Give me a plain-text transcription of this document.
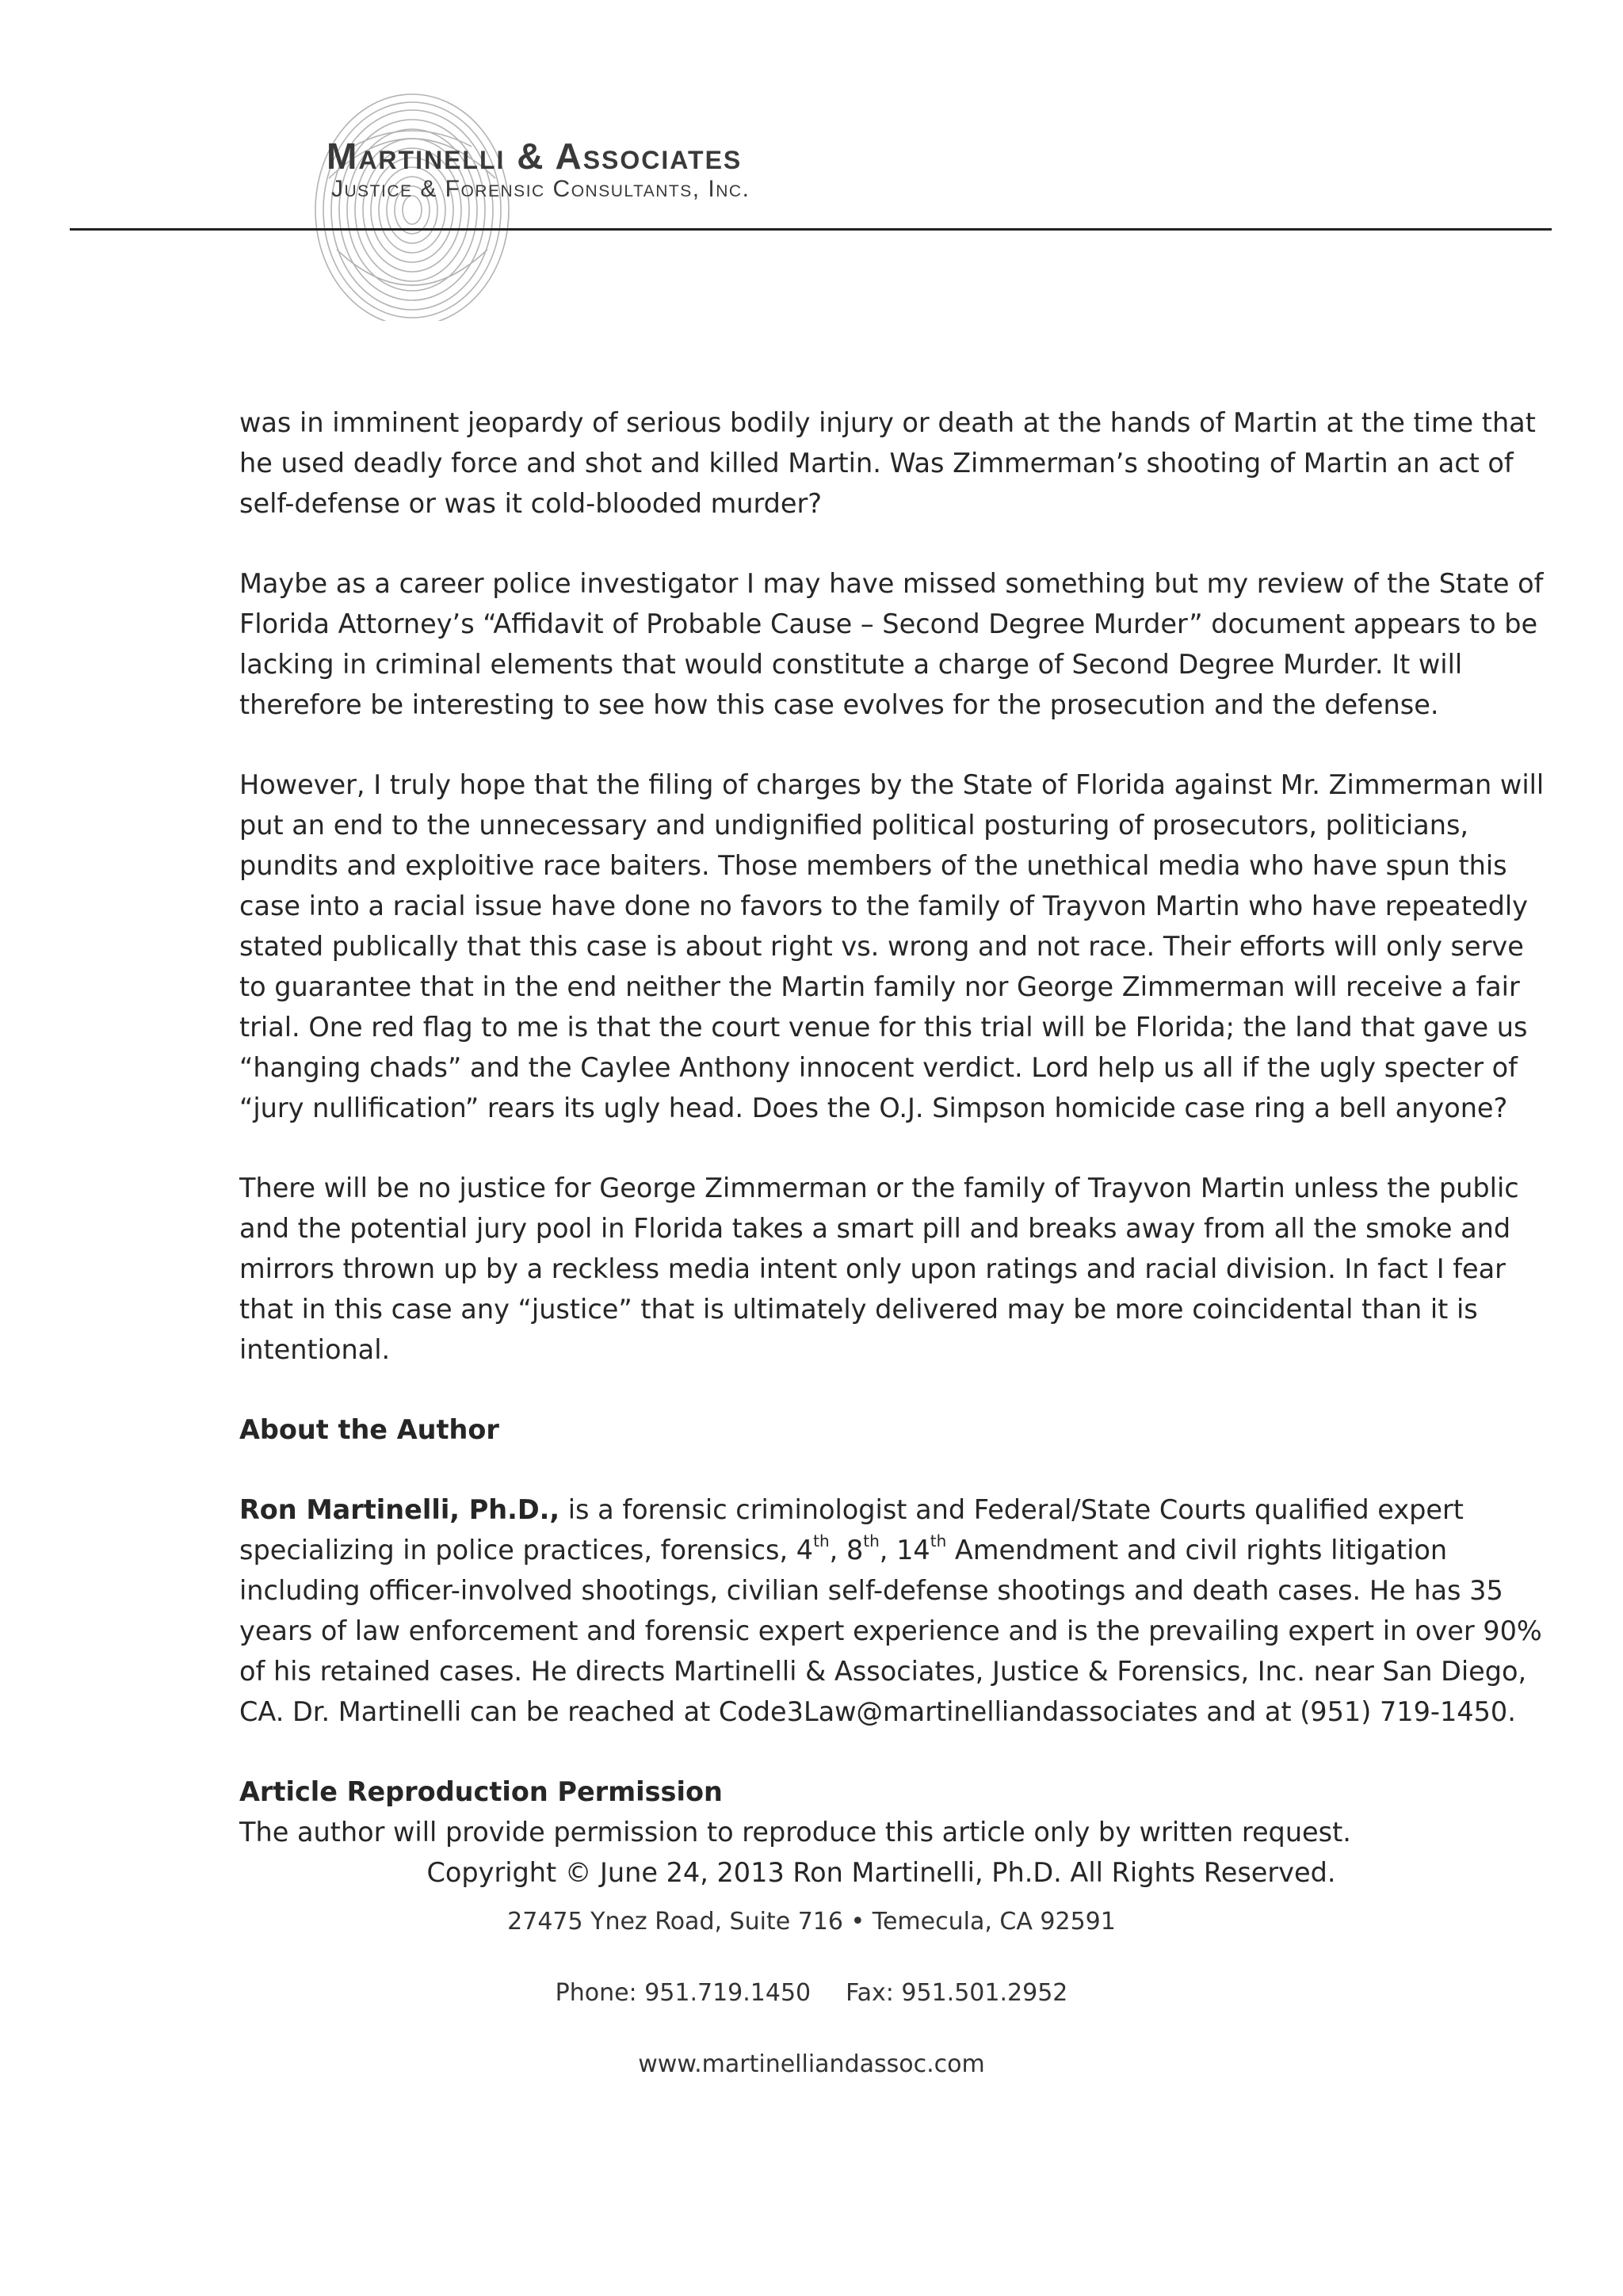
Martinelli & Associates
Justice & Forensic Consultants, Inc.

was in imminent jeopardy of serious bodily injury or death at the hands of Martin at the time that he used deadly force and shot and killed Martin. Was Zimmerman’s shooting of Martin an act of self-defense or was it cold-blooded murder?

Maybe as a career police investigator I may have missed something but my review of the State of Florida Attorney’s “Affidavit of Probable Cause – Second Degree Murder” document appears to be lacking in criminal elements that would constitute a charge of Second Degree Murder. It will therefore be interesting to see how this case evolves for the prosecution and the defense.

However, I truly hope that the filing of charges by the State of Florida against Mr. Zimmerman will put an end to the unnecessary and undignified political posturing of prosecutors, politicians, pundits and exploitive race baiters. Those members of the unethical media who have spun this case into a racial issue have done no favors to the family of Trayvon Martin who have repeatedly stated publically that this case is about right vs. wrong and not race. Their efforts will only serve to guarantee that in the end neither the Martin family nor George Zimmerman will receive a fair trial. One red flag to me is that the court venue for this trial will be Florida; the land that gave us “hanging chads” and the Caylee Anthony innocent verdict. Lord help us all if the ugly specter of “jury nullification” rears its ugly head. Does the O.J. Simpson homicide case ring a bell anyone?

There will be no justice for George Zimmerman or the family of Trayvon Martin unless the public and the potential jury pool in Florida takes a smart pill and breaks away from all the smoke and mirrors thrown up by a reckless media intent only upon ratings and racial division. In fact I fear that in this case any “justice” that is ultimately delivered may be more coincidental than it is intentional.

About the Author

Ron Martinelli, Ph.D., is a forensic criminologist and Federal/State Courts qualified expert specializing in police practices, forensics, 4th, 8th, 14th Amendment and civil rights litigation including officer-involved shootings, civilian self-defense shootings and death cases. He has 35 years of law enforcement and forensic expert experience and is the prevailing expert in over 90% of his retained cases. He directs Martinelli & Associates, Justice & Forensics, Inc. near San Diego, CA. Dr. Martinelli can be reached at Code3Law@martinelliandassociates and at (951) 719-1450.

Article Reproduction Permission
The author will provide permission to reproduce this article only by written request.
Copyright © June 24, 2013 Ron Martinelli, Ph.D. All Rights Reserved.
27475 Ynez Road, Suite 716 • Temecula, CA 92591
Phone: 951.719.1450 Fax: 951.501.2952
www.martinelliandassoc.com
